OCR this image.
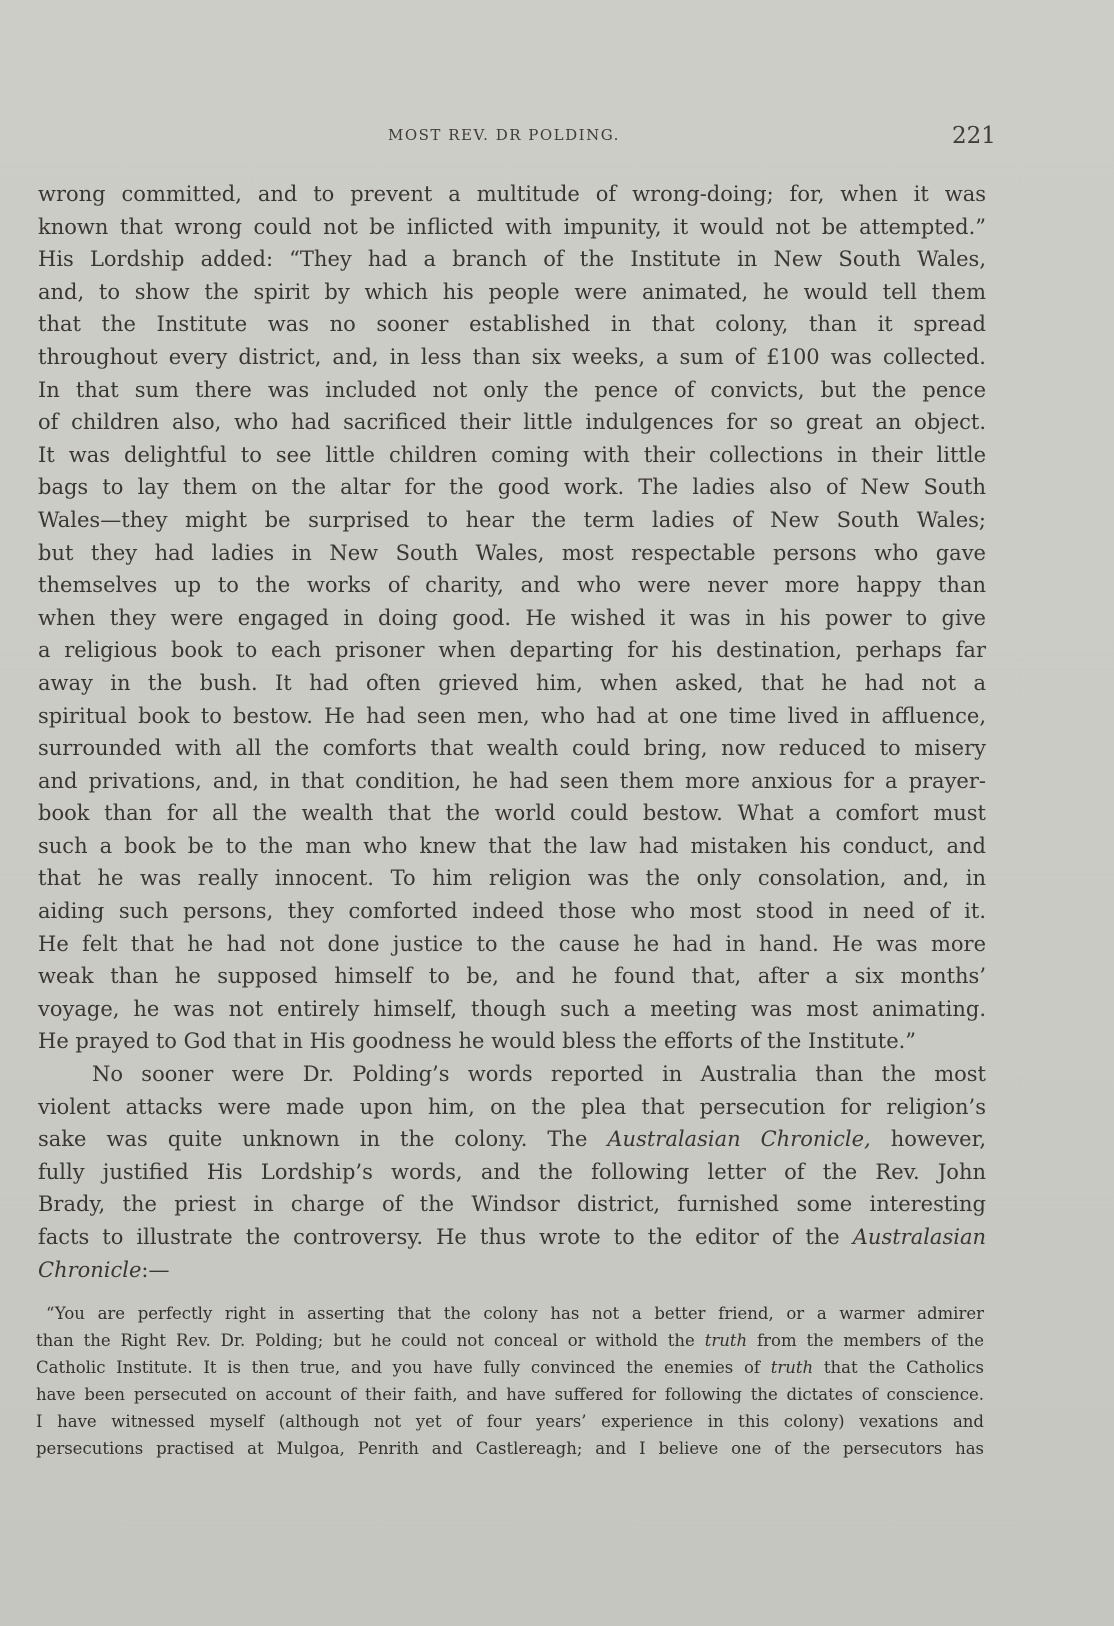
MOST REV. DR POLDING.	221
wrong committed, and to prevent a multitude of wrong-doing; for, when it was
known that wrong could not be inflicted with impunity, it would not be attempted.”
His Lordship added: “They had a branch of the Institute in New South Wales,
and, to show the spirit by which his people were animated, he would tell them
that the Institute was no sooner established in that colony, than it spread
throughout every district, and, in less than six weeks, a sum of £100 was collected.
In that sum there was included not only the pence of convicts, but the pence
of children also, who had sacrificed their little indulgences for so great an object.
It was delightful to see little children coming with their collections in their little
bags to lay them on the altar for the good work. The ladies also of New South
Wales—they might be surprised to hear the term ladies of New South Wales;
but they had ladies in New South Wales, most respectable persons who gave
themselves up to the works of charity, and who were never more happy than
when they were engaged in doing good. He wished it was in his power to give
a religious book to each prisoner when departing for his destination, perhaps far
away in the bush. It had often grieved him, when asked, that he had not a
spiritual book to bestow. He had seen men, who had at one time lived in affluence,
surrounded with all the comforts that wealth could bring, now reduced to misery
and privations, and, in that condition, he had seen them more anxious for a prayer-
book than for all the wealth that the world could bestow. What a comfort must
such a book be to the man who knew that the law had mistaken his conduct, and
that he was really innocent. To him religion was the only consolation, and, in
aiding such persons, they comforted indeed those who most stood in need of it.
He felt that he had not done justice to the cause he had in hand. He was more
weak than he supposed himself to be, and he found that, after a six months’
voyage, he was not entirely himself, though such a meeting was most animating.
He prayed to God that in His goodness he would bless the efforts of the Institute.”
No sooner were Dr. Polding’s words reported in Australia than the most
violent attacks were made upon him, on the plea that persecution for religion’s
sake was quite unknown in the colony. The Australasian Chronicle, however,
fully justified His Lordship’s words, and the following letter of the Rev. John
Brady, the priest in charge of the Windsor district, furnished some interesting
facts to illustrate the controversy. He thus wrote to the editor of the Australasian
Chronicle:—
“You are perfectly right in asserting that the colony has not a better friend, or a warmer admirer
than the Right Rev. Dr. Polding; but he could not conceal or withold the truth from the members of the
Catholic Institute. It is then true, and you have fully convinced the enemies of truth that the Catholics
have been persecuted on account of their faith, and have suffered for following the dictates of conscience.
I have witnessed myself (although not yet of four years’ experience in this colony) vexations and
persecutions practised at Mulgoa, Penrith and Castlereagh; and I believe one of the persecutors has
